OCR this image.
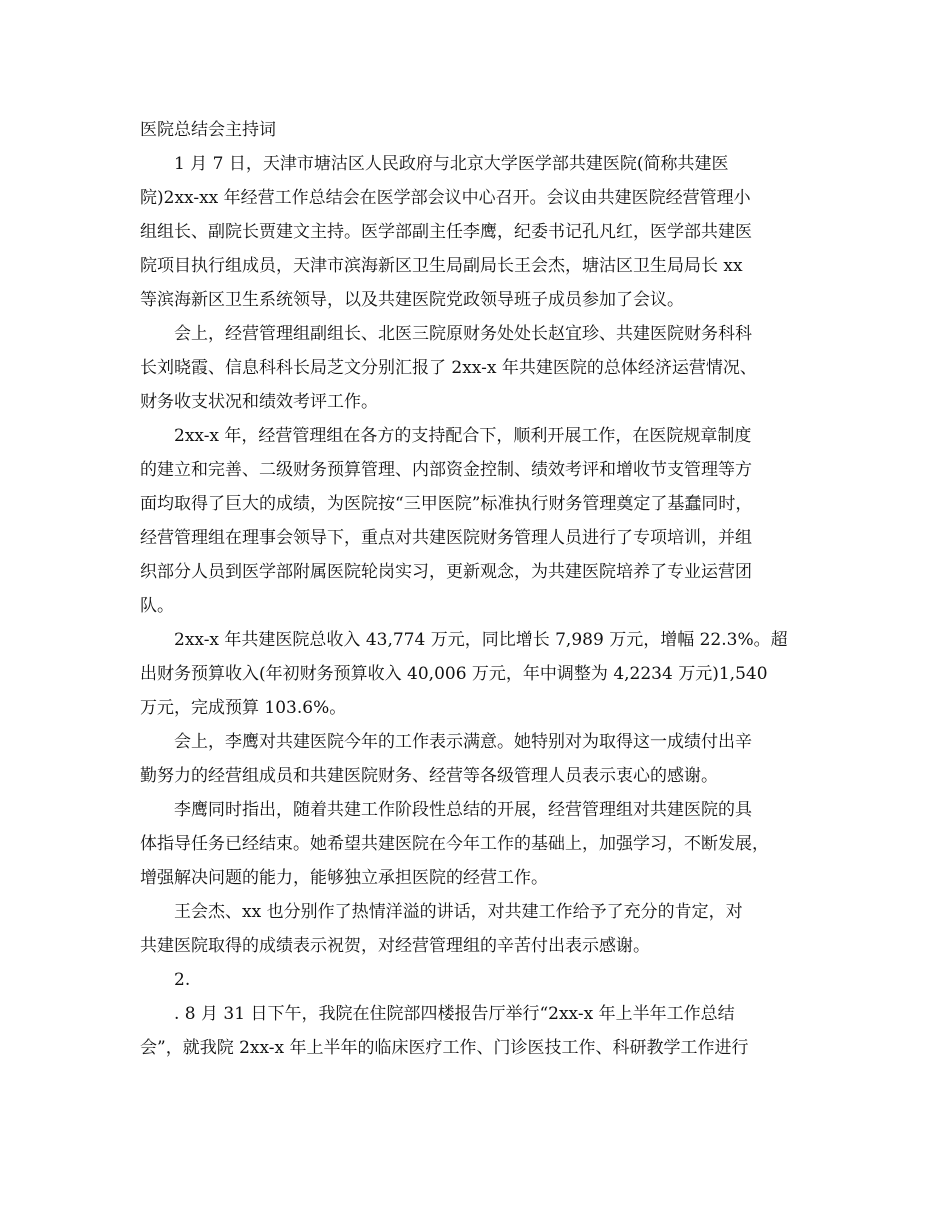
医院总结会主持词
1 月 7 日，天津市塘沽区人民政府与北京大学医学部共建医院(简称共建医
院)2xx-xx 年经营工作总结会在医学部会议中心召开。会议由共建医院经营管理小
组组长、副院长贾建文主持。医学部副主任李鹰，纪委书记孔凡红，医学部共建医
院项目执行组成员，天津市滨海新区卫生局副局长王会杰，塘沽区卫生局局长 xx
等滨海新区卫生系统领导，以及共建医院党政领导班子成员参加了会议。
会上，经营管理组副组长、北医三院原财务处处长赵宜珍、共建医院财务科科
长刘晓霞、信息科科长局芝文分别汇报了 2xx-x 年共建医院的总体经济运营情况、
财务收支状况和绩效考评工作。
2xx-x 年，经营管理组在各方的支持配合下，顺利开展工作，在医院规章制度
的建立和完善、二级财务预算管理、内部资金控制、绩效考评和增收节支管理等方
面均取得了巨大的成绩，为医院按“三甲医院”标准执行财务管理奠定了基蠢同时，
经营管理组在理事会领导下，重点对共建医院财务管理人员进行了专项培训，并组
织部分人员到医学部附属医院轮岗实习，更新观念，为共建医院培养了专业运营团
队。
2xx-x 年共建医院总收入 43,774 万元，同比增长 7,989 万元，增幅 22.3%。超
出财务预算收入(年初财务预算收入 40,006 万元，年中调整为 4,2234 万元)1,540
万元，完成预算 103.6%。
会上，李鹰对共建医院今年的工作表示满意。她特别对为取得这一成绩付出辛
勤努力的经营组成员和共建医院财务、经营等各级管理人员表示衷心的感谢。
李鹰同时指出，随着共建工作阶段性总结的开展，经营管理组对共建医院的具
体指导任务已经结束。她希望共建医院在今年工作的基础上，加强学习，不断发展，
增强解决问题的能力，能够独立承担医院的经营工作。
王会杰、xx 也分别作了热情洋溢的讲话，对共建工作给予了充分的肯定，对
共建医院取得的成绩表示祝贺，对经营管理组的辛苦付出表示感谢。
2.
. 8 月 31 日下午，我院在住院部四楼报告厅举行“2xx-x 年上半年工作总结
会”，就我院 2xx-x 年上半年的临床医疗工作、门诊医技工作、科研教学工作进行
